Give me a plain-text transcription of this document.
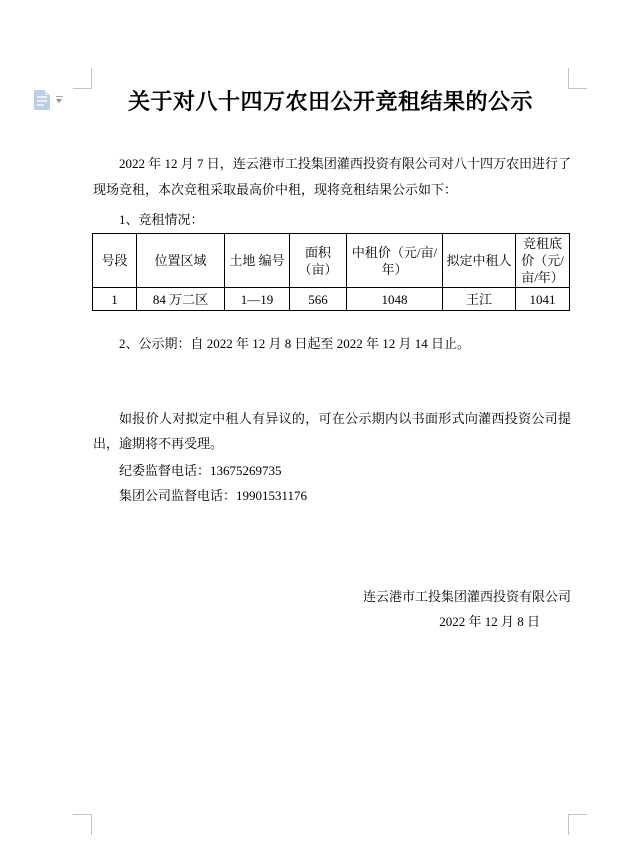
关于对八十四万农田公开竞租结果的公示
2022 年 12 月 7 日，连云港市工投集团灌西投资有限公司对八十四万农田进行了现场竞租，本次竞租采取最高价中租，现将竞租结果公示如下：
1、竞租情况：
号段	位置区域	土地 编号	面积（亩）	中租价（元/亩/年）	拟定中租人	竞租底价（元/亩/年）
1	84 万二区	1—19	566	1048	王江	1041
2、公示期：自 2022 年 12 月 8 日起至 2022 年 12 月 14 日止。
如报价人对拟定中租人有异议的，可在公示期内以书面形式向灌西投资公司提出，逾期将不再受理。
纪委监督电话：13675269735
集团公司监督电话：19901531176
连云港市工投集团灌西投资有限公司
2022 年 12 月 8 日
